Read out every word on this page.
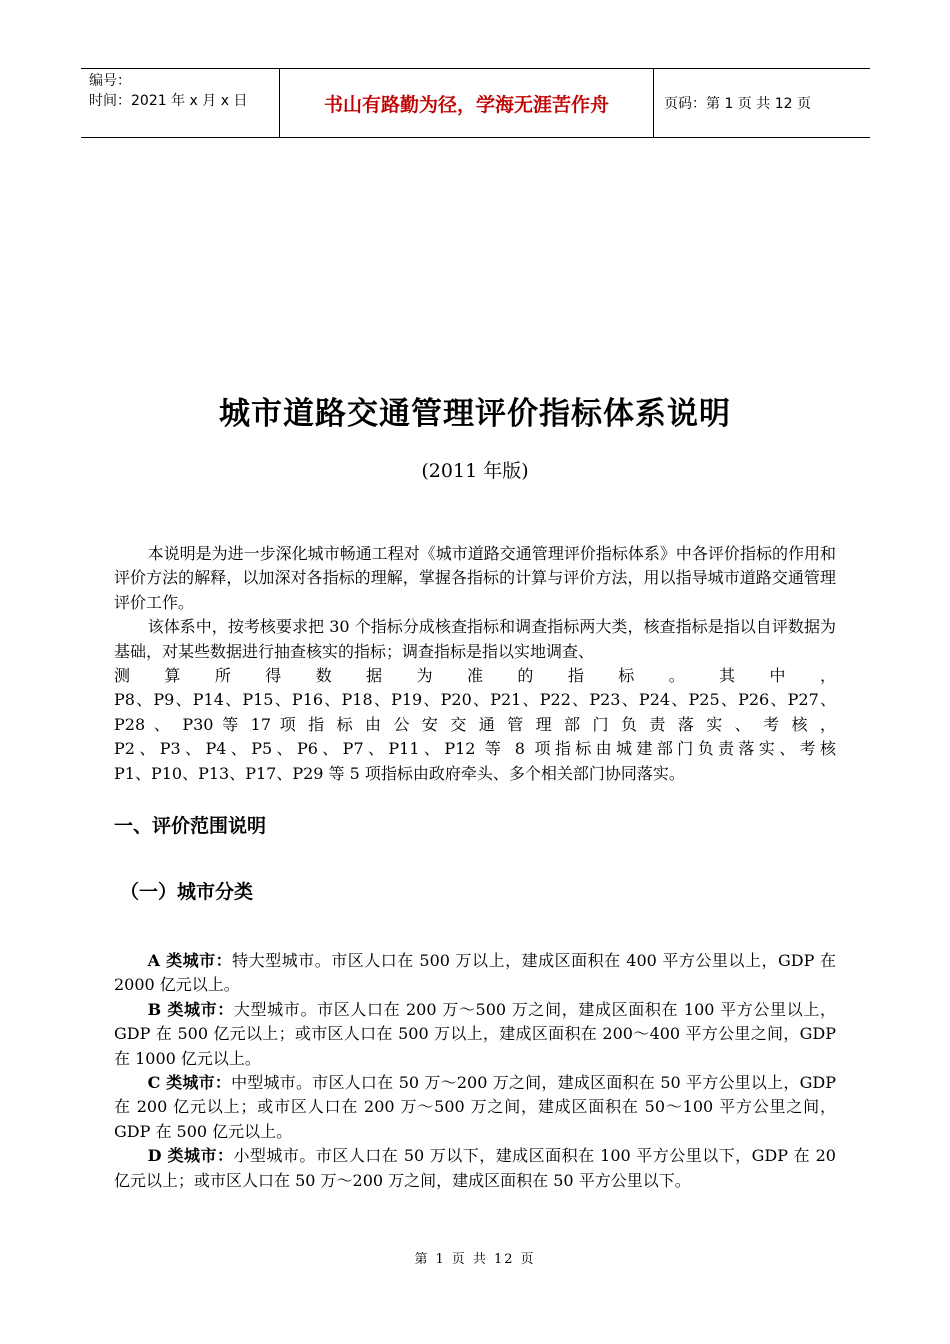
编号：
时间：2021 年 x 月 x 日	书山有路勤为径，学海无涯苦作舟	页码：第 1 页 共 12 页
城市道路交通管理评价指标体系说明
(2011 年版)

本说明是为进一步深化城市畅通工程对《城市道路交通管理评价指标体系》中各评价指标的作用和评价方法的解释，以加深对各指标的理解，掌握各指标的计算与评价方法，用以指导城市道路交通管理评价工作。

该体系中，按考核要求把 30 个指标分成核查指标和调查指标两大类，核查指标是指以自评数据为基础，对某些数据进行抽查核实的指标；调查指标是指以实地调查、

测 算 所 得 数 据 为 准 的 指 标 。 其 中 ，

P8、P9、P14、P15、P16、P18、P19、P20、P21、P22、P23、P24、P25、P26、P27、

P28 、 P30 等 17 项 指 标 由 公 安 交 通 管 理 部 门 负 责 落 实 、 考 核 ，

P2、P3、P4、P5、P6、P7、P11、P12 等 8 项指标由城建部门负责落实、考核

P1、P10、P13、P17、P29 等 5 项指标由政府牵头、多个相关部门协同落实。

一、评价范围说明
（一）城市分类

A 类城市：特大型城市。市区人口在 500 万以上，建成区面积在 400 平方公里以上，GDP 在 2000 亿元以上。

B 类城市：大型城市。市区人口在 200 万～500 万之间，建成区面积在 100 平方公里以上，GDP 在 500 亿元以上；或市区人口在 500 万以上，建成区面积在 200～400 平方公里之间，GDP 在 1000 亿元以上。

C 类城市：中型城市。市区人口在 50 万～200 万之间，建成区面积在 50 平方公里以上，GDP 在 200 亿元以上；或市区人口在 200 万～500 万之间，建成区面积在 50～100 平方公里之间，GDP 在 500 亿元以上。

D 类城市：小型城市。市区人口在 50 万以下，建成区面积在 100 平方公里以下，GDP 在 20 亿元以上；或市区人口在 50 万～200 万之间，建成区面积在 50 平方公里以下。

第 1 页 共 12 页
